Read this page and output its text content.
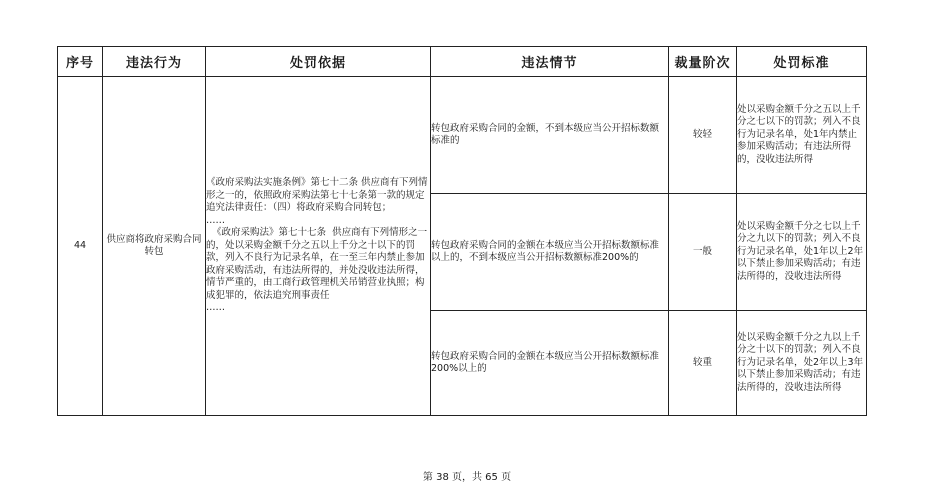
序号	违法行为	处罚依据	违法情节	裁量阶次	处罚标准
44	供应商将政府采购合同转包	《政府采购法实施条例》第七十二条 供应商有下列情形之一的，依照政府采购法第七十七条第一款的规定追究法律责任：（四）将政府采购合同转包；
……
《政府采购法》第七十七条  供应商有下列情形之一的，处以采购金额千分之五以上千分之十以下的罚款，列入不良行为记录名单，在一至三年内禁止参加政府采购活动，有违法所得的，并处没收违法所得，情节严重的，由工商行政管理机关吊销营业执照；构成犯罪的，依法追究刑事责任
……	转包政府采购合同的金额，不到本级应当公开招标数额标准的	较轻	处以采购金额千分之五以上千分之七以下的罚款；列入不良行为记录名单，处1年内禁止参加采购活动；有违法所得的，没收违法所得
			转包政府采购合同的金额在本级应当公开招标数额标准以上的，不到本级应当公开招标数额标准200%的	一般	处以采购金额千分之七以上千分之九以下的罚款；列入不良行为记录名单，处1年以上2年以下禁止参加采购活动；有违法所得的，没收违法所得
			转包政府采购合同的金额在本级应当公开招标数额标准200%以上的	较重	处以采购金额千分之九以上千分之十以下的罚款；列入不良行为记录名单，处2年以上3年以下禁止参加采购活动；有违法所得的，没收违法所得
第 38 页，共 65 页
